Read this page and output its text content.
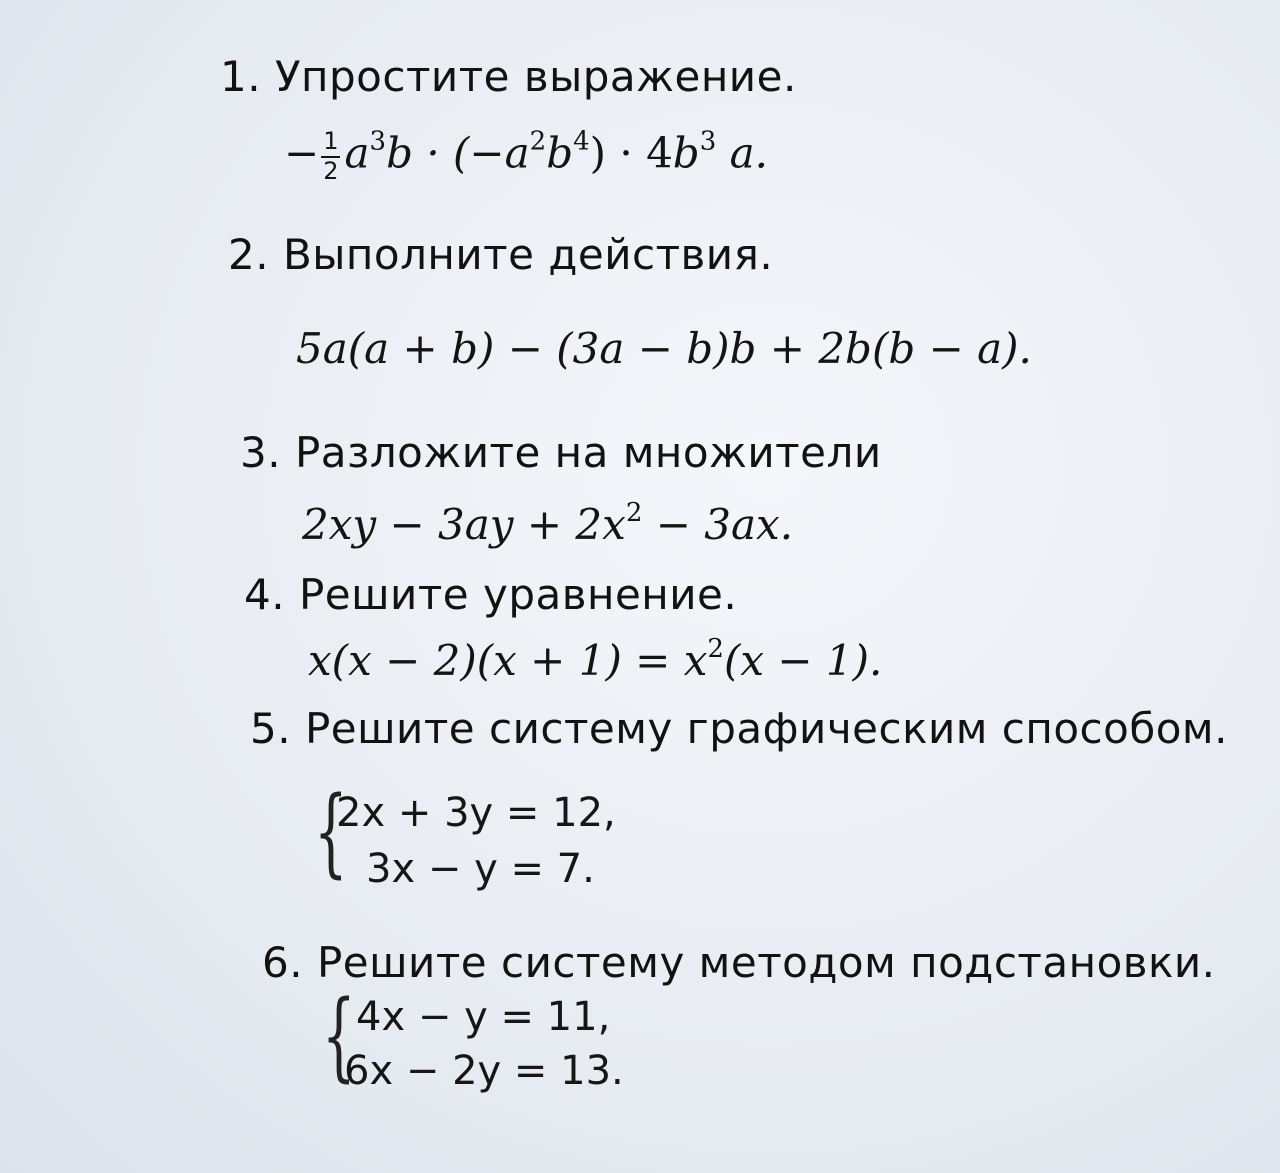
1. Упростите выражение.
− $\frac{1}{2} a^3b \cdot (-a^2b^4) \cdot 4b^3$ a.
2. Выполните действия.
5a(a + b) − (3a − b)b + 2b(b − a).
3. Разложите на множители
$2xy - 3ay + 2x^2 - 3ax$.
4. Решите уравнение.
$x(x - 2)(x + 1) = x^2(x - 1)$.
5. Решите систему графическим способом.
{
2x + 3y = 12,
3x − y = 7.
6. Решите систему методом подстановки.
{ 4x − y = 11,
6x − 2y = 13.
